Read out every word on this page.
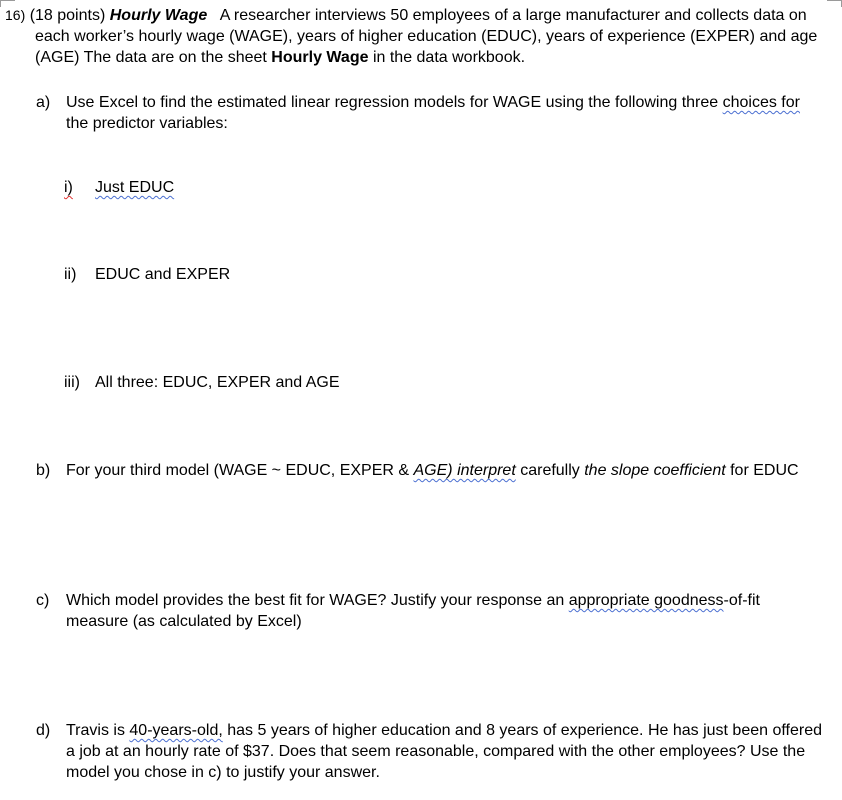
16) (18 points) Hourly Wage A researcher interviews 50 employees of a large manufacturer and collects data on each worker’s hourly wage (WAGE), years of higher education (EDUC), years of experience (EXPER) and age (AGE) The data are on the sheet Hourly Wage in the data workbook.
a) Use Excel to find the estimated linear regression models for WAGE using the following three choices for the predictor variables:
i) Just EDUC
ii) EDUC and EXPER
iii) All three: EDUC, EXPER and AGE
b) For your third model (WAGE ~ EDUC, EXPER & AGE) interpret carefully the slope coefficient for EDUC
c)	Which model provides the best fit for WAGE? Justify your response an appropriate goodness-of-fit measure (as calculated by Excel)
d) Travis is 40-years-old, has 5 years of higher education and 8 years of experience. He has just been offered a job at an hourly rate of $37. Does that seem reasonable, compared with the other employees? Use the model you chose in c) to justify your answer.
